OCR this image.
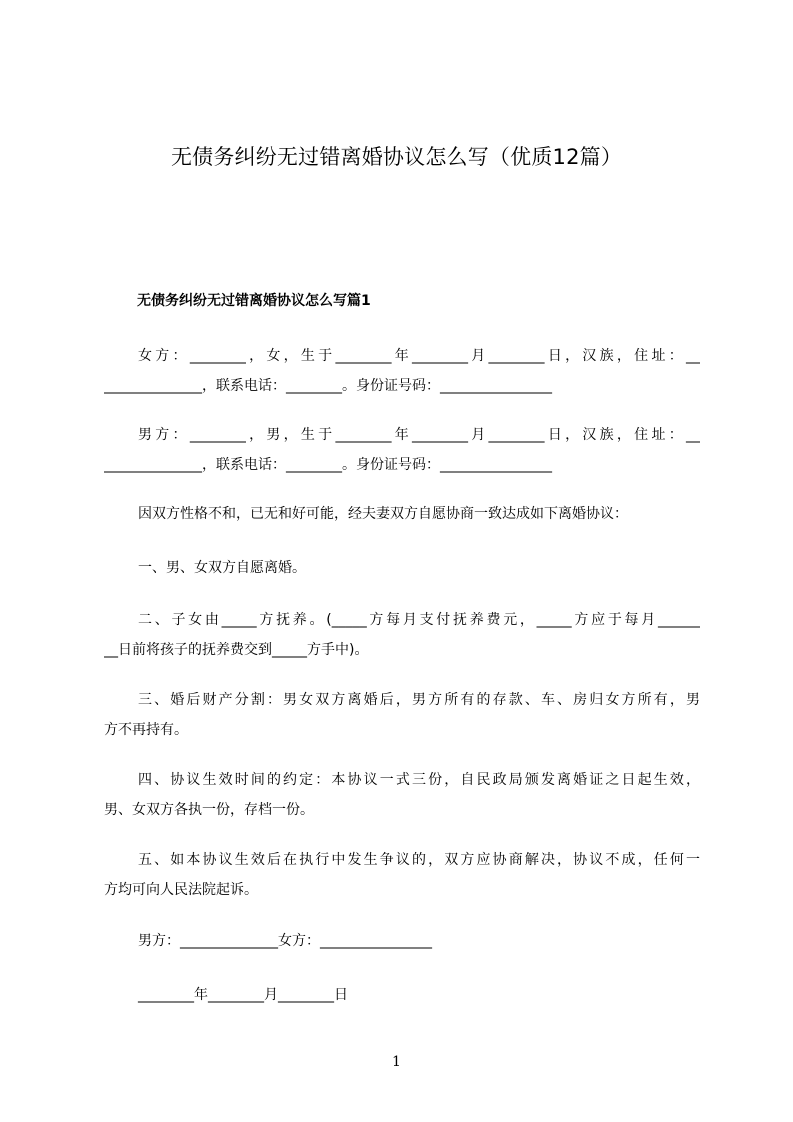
无债务纠纷无过错离婚协议怎么写（优质12篇）
无债务纠纷无过错离婚协议怎么写篇1
女方：________，女，生于________年________月________日，汉族，住址：__
______________，联系电话：________。身份证号码：________________
男方：________，男，生于________年________月________日，汉族，住址：__
______________，联系电话：________。身份证号码：________________
因双方性格不和，已无和好可能，经夫妻双方自愿协商一致达成如下离婚协议：
一、男、女双方自愿离婚。
二、子女由_____方抚养。(_____方每月支付抚养费元，_____方应于每月______
__日前将孩子的抚养费交到_____方手中)。
三、婚后财产分割：男女双方离婚后，男方所有的存款、车、房归女方所有，男
方不再持有。
四、协议生效时间的约定：本协议一式三份，自民政局颁发离婚证之日起生效，
男、女双方各执一份，存档一份。
五、如本协议生效后在执行中发生争议的，双方应协商解决，协议不成，任何一
方均可向人民法院起诉。
男方：______________女方：________________
________年________月________日
1
